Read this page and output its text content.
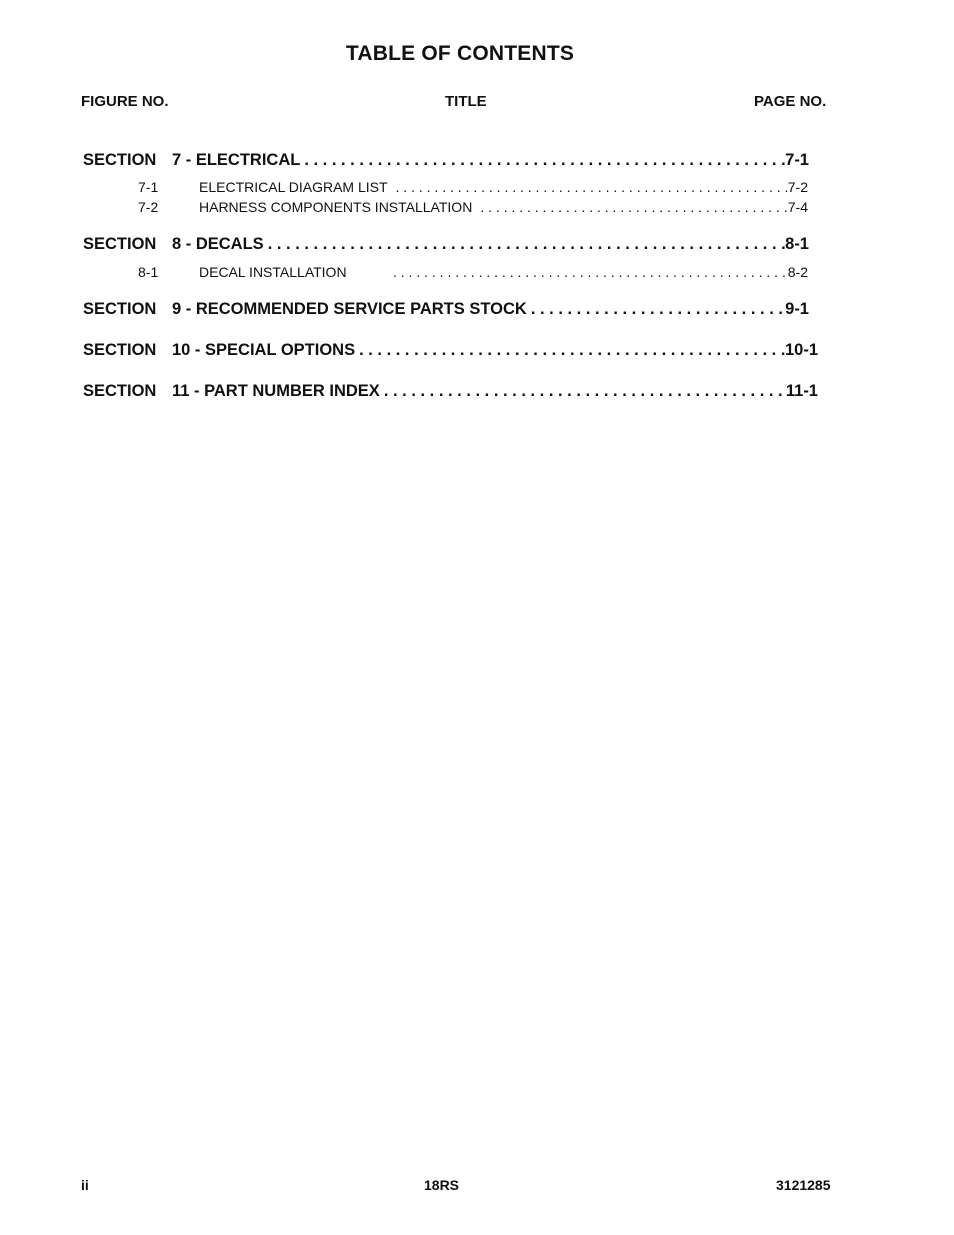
TABLE OF CONTENTS
FIGURE NO.	TITLE	PAGE NO.
SECTION 7 - ELECTRICAL . . .	7-1
7-1	ELECTRICAL DIAGRAM LIST . . .	7-2
7-2	HARNESS COMPONENTS INSTALLATION . . .	7-4
SECTION 8 - DECALS . . .	8-1
8-1	DECAL INSTALLATION . . .	8-2
SECTION 9 - RECOMMENDED SERVICE PARTS STOCK . . .	9-1
SECTION 10 - SPECIAL OPTIONS . . .	10-1
SECTION 11 - PART NUMBER INDEX . . .	11-1
ii	18RS	3121285
